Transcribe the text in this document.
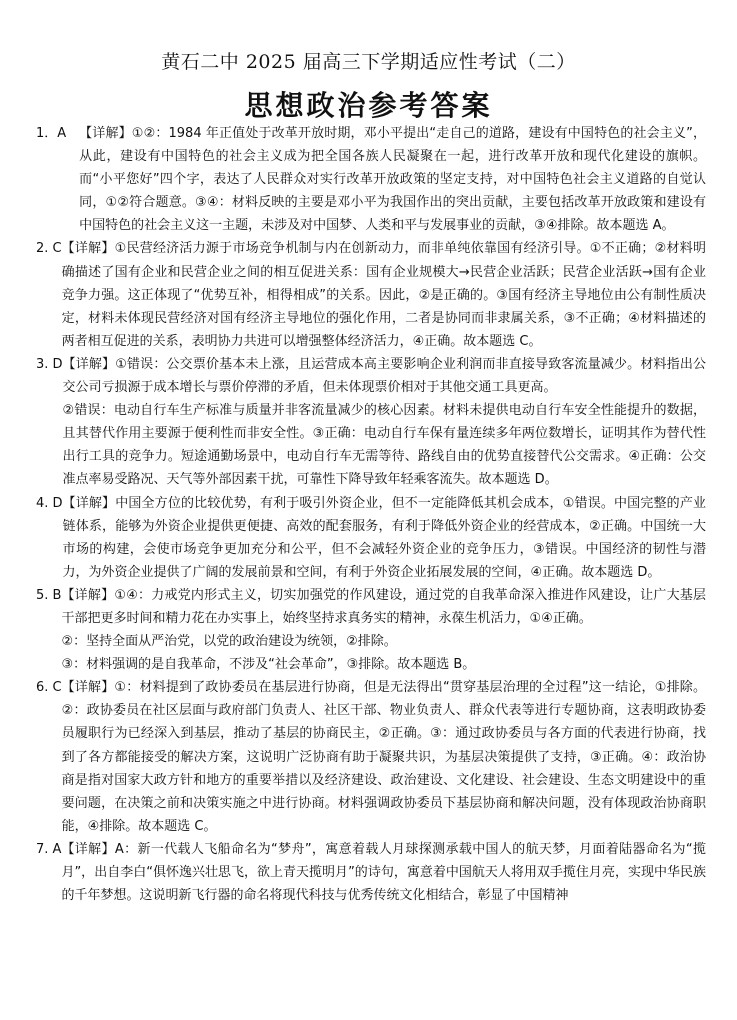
黄石二中 2025 届高三下学期适应性考试（二）
思想政治参考答案
1．A　 【详解】①②：1984 年正值处于改革开放时期，邓小平提出“走自己的道路，建设有中国特色的社会主义”，从此，建设有中国特色的社会主义成为把全国各族人民凝聚在一起，进行改革开放和现代化建设的旗帜。而“小平您好”四个字，表达了人民群众对实行改革开放政策的坚定支持，对中国特色社会主义道路的自觉认同，①②符合题意。③④：材料反映的主要是邓小平为我国作出的突出贡献，主要包括改革开放政策和建设有中国特色的社会主义这一主题，未涉及对中国梦、人类和平与发展事业的贡献，③④排除。故本题选 A。
2. C 【详解】①民营经济活力源于市场竞争机制与内在创新动力，而非单纯依靠国有经济引导。①不正确；②材料明确描述了国有企业和民营企业之间的相互促进关系：国有企业规模大→民营企业活跃；民营企业活跃→国有企业竞争力强。这正体现了“优势互补，相得相成”的关系。因此，②是正确的。③国有经济主导地位由公有制性质决定，材料未体现民营经济对国有经济主导地位的强化作用，二者是协同而非隶属关系，③不正确；④材料描述的两者相互促进的关系，表明协力共进可以增强整体经济活力，④正确。故本题选 C。
3. D 【详解】①错误：公交票价基本未上涨，且运营成本高主要影响企业利润而非直接导致客流量减少。材料指出公交公司亏损源于成本增长与票价停滞的矛盾，但未体现票价相对于其他交通工具更高。
②错误：电动自行车生产标准与质量并非客流量减少的核心因素。材料未提供电动自行车安全性能提升的数据，且其替代作用主要源于便利性而非安全性。③正确：电动自行车保有量连续多年两位数增长，证明其作为替代性出行工具的竞争力。短途通勤场景中，电动自行车无需等待、路线自由的优势直接替代公交需求。④正确：公交准点率易受路况、天气等外部因素干扰，可靠性下降导致年轻乘客流失。故本题选 D。
4. D 【详解】中国全方位的比较优势，有利于吸引外资企业，但不一定能降低其机会成本，①错误。中国完整的产业链体系，能够为外资企业提供更便捷、高效的配套服务，有利于降低外资企业的经营成本，②正确。中国统一大市场的构建，会使市场竞争更加充分和公平，但不会减轻外资企业的竞争压力，③错误。中国经济的韧性与潜力，为外资企业提供了广阔的发展前景和空间，有利于外资企业拓展发展的空间，④正确。故本题选 D。
5. B 【详解】①④：力戒党内形式主义，切实加强党的作风建设，通过党的自我革命深入推进作风建设，让广大基层干部把更多时间和精力花在办实事上，始终坚持求真务实的精神，永葆生机活力，①④正确。
②：坚持全面从严治党，以党的政治建设为统领，②排除。
③：材料强调的是自我革命，不涉及“社会革命”，③排除。故本题选 B。
6. C 【详解】①：材料提到了政协委员在基层进行协商，但是无法得出“贯穿基层治理的全过程”这一结论，①排除。②：政协委员在社区层面与政府部门负责人、社区干部、物业负责人、群众代表等进行专题协商，这表明政协委员履职行为已经深入到基层，推动了基层的协商民主，②正确。③：通过政协委员与各方面的代表进行协商，找到了各方都能接受的解决方案，这说明广泛协商有助于凝聚共识，为基层决策提供了支持，③正确。④：政治协商是指对国家大政方针和地方的重要举措以及经济建设、政治建设、文化建设、社会建设、生态文明建设中的重要问题，在决策之前和决策实施之中进行协商。材料强调政协委员下基层协商和解决问题，没有体现政治协商职能，④排除。故本题选 C。
7. A 【详解】A：新一代载人飞船命名为“梦舟”，寓意着载人月球探测承载中国人的航天梦，月面着陆器命名为“揽月”，出自李白“俱怀逸兴壮思飞，欲上青天揽明月”的诗句，寓意着中国航天人将用双手揽住月亮，实现中华民族的千年梦想。这说明新飞行器的命名将现代科技与优秀传统文化相结合，彰显了中国精神
